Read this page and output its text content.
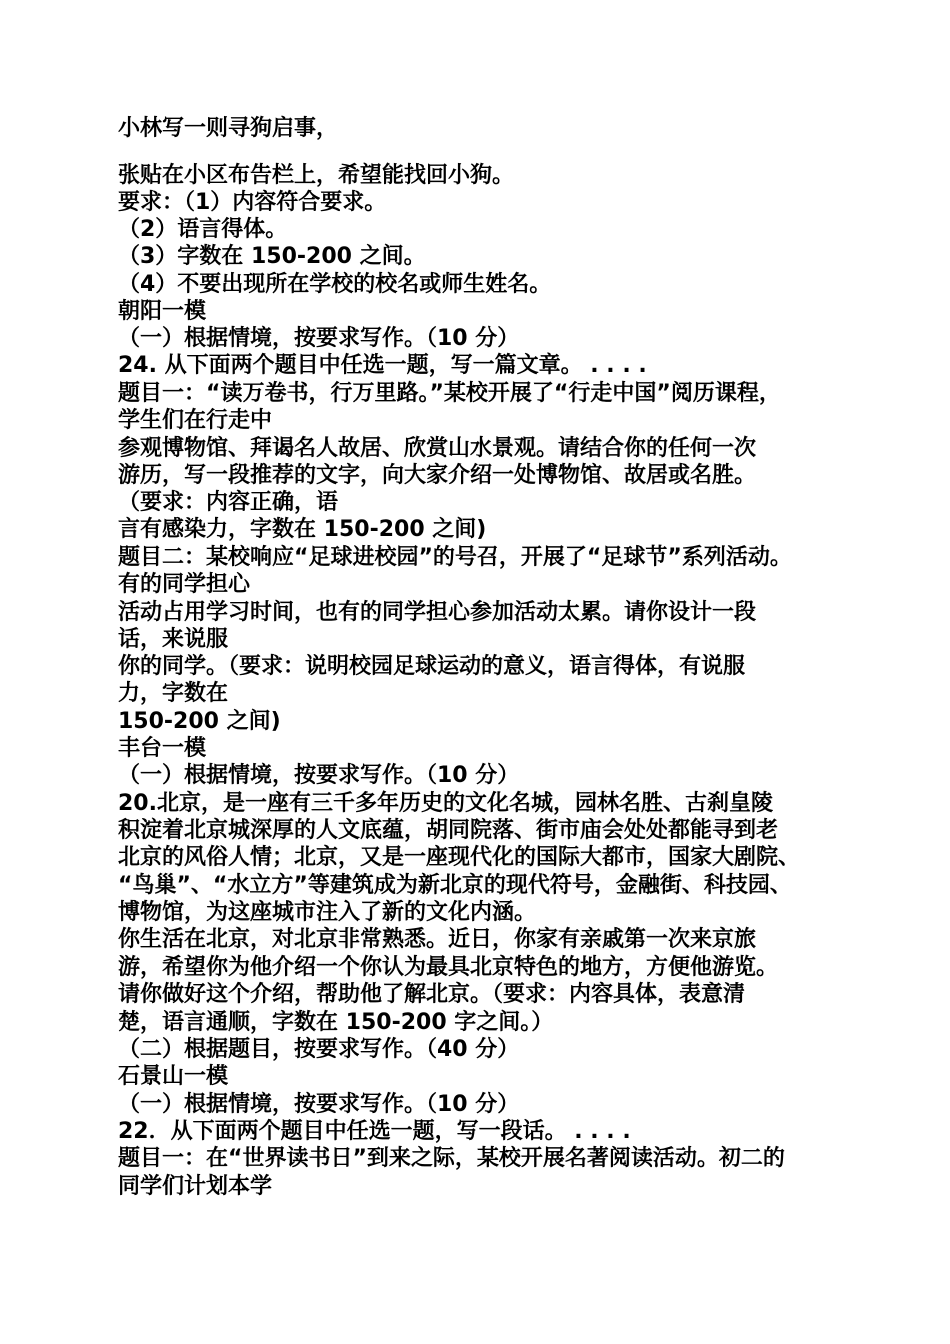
小林写一则寻狗启事，
张贴在小区布告栏上，希望能找回小狗。
要求：（1）内容符合要求。
（2）语言得体。
（3）字数在 150-200 之间。
（4）不要出现所在学校的校名或师生姓名。
朝阳一模
（一）根据情境，按要求写作。（10 分）
24. 从下面两个题目中任选一题，写一篇文章。 . . . .
题目一：“读万卷书，行万里路。”某校开展了“行走中国”阅历课程，
学生们在行走中
参观博物馆、拜谒名人故居、欣赏山水景观。请结合你的任何一次
游历，写一段推荐的文字，向大家介绍一处博物馆、故居或名胜。
（要求：内容正确，语
言有感染力，字数在 150-200 之间)
题目二：某校响应“足球进校园”的号召，开展了“足球节”系列活动。
有的同学担心
活动占用学习时间，也有的同学担心参加活动太累。请你设计一段
话，来说服
你的同学。（要求：说明校园足球运动的意义，语言得体，有说服
力，字数在
150-200 之间)
丰台一模
（一）根据情境，按要求写作。（10 分）
20.北京，是一座有三千多年历史的文化名城，园林名胜、古刹皇陵
积淀着北京城深厚的人文底蕴，胡同院落、街市庙会处处都能寻到老
北京的风俗人情；北京，又是一座现代化的国际大都市，国家大剧院、
“鸟巢”、“水立方”等建筑成为新北京的现代符号，金融街、科技园、
博物馆，为这座城市注入了新的文化内涵。
你生活在北京，对北京非常熟悉。近日，你家有亲戚第一次来京旅
游，希望你为他介绍一个你认为最具北京特色的地方，方便他游览。
请你做好这个介绍，帮助他了解北京。（要求：内容具体，表意清
楚，语言通顺，字数在 150-200 字之间。）
（二）根据题目，按要求写作。（40 分）
石景山一模
（一）根据情境，按要求写作。（10 分）
22．从下面两个题目中任选一题，写一段话。 . . . .
题目一：在“世界读书日”到来之际，某校开展名著阅读活动。初二的
同学们计划本学
